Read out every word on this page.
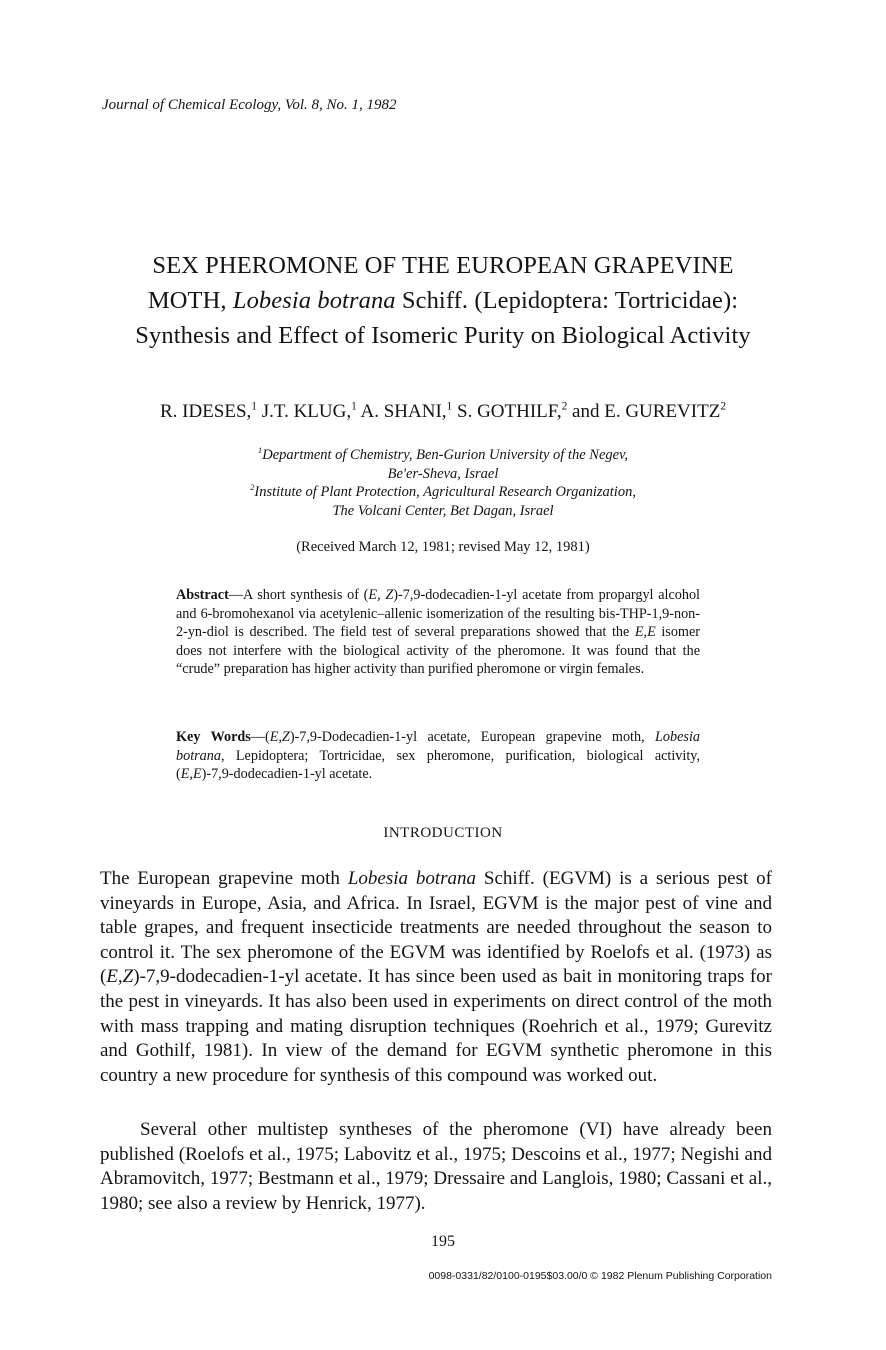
Journal of Chemical Ecology, Vol. 8, No. 1, 1982
SEX PHEROMONE OF THE EUROPEAN GRAPEVINE
MOTH, Lobesia botrana Schiff. (Lepidoptera: Tortricidae):
Synthesis and Effect of Isomeric Purity on Biological Activity
R. IDESES,$^1$ J.T. KLUG,$^1$ A. SHANI,$^1$ S. GOTHILF,$^2$ and E. GUREVITZ$^2$
$^1$Department of Chemistry, Ben-Gurion University of the Negev,
Be'er-Sheva, Israel
$^2$Institute of Plant Protection, Agricultural Research Organization,
The Volcani Center, Bet Dagan, Israel
(Received March 12, 1981; revised May 12, 1981)
Abstract—A short synthesis of (E, Z)-7,9-dodecadien-1-yl acetate from propargyl alcohol and 6-bromohexanol via acetylenic–allenic isomerization of the resulting bis-THP-1,9-non-2-yn-diol is described. The field test of several preparations showed that the E,E isomer does not interfere with the biological activity of the pheromone. It was found that the “crude” preparation has higher activity than purified pheromone or virgin females.
Key Words—(E,Z)-7,9-Dodecadien-1-yl acetate, European grapevine moth, Lobesia botrana, Lepidoptera; Tortricidae, sex pheromone, purification, biological activity, (E,E)-7,9-dodecadien-1-yl acetate.
INTRODUCTION
The European grapevine moth Lobesia botrana Schiff. (EGVM) is a serious pest of vineyards in Europe, Asia, and Africa. In Israel, EGVM is the major pest of vine and table grapes, and frequent insecticide treatments are needed throughout the season to control it. The sex pheromone of the EGVM was identified by Roelofs et al. (1973) as (E,Z)-7,9-dodecadien-1-yl acetate. It has since been used as bait in monitoring traps for the pest in vineyards. It has also been used in experiments on direct control of the moth with mass trapping and mating disruption techniques (Roehrich et al., 1979; Gurevitz and Gothilf, 1981). In view of the demand for EGVM synthetic pheromone in this country a new procedure for synthesis of this compound was worked out.
Several other multistep syntheses of the pheromone (VI) have already been published (Roelofs et al., 1975; Labovitz et al., 1975; Descoins et al., 1977; Negishi and Abramovitch, 1977; Bestmann et al., 1979; Dressaire and Langlois, 1980; Cassani et al., 1980; see also a review by Henrick, 1977).
195
0098-0331/82/0100-0195$03.00/0 © 1982 Plenum Publishing Corporation
